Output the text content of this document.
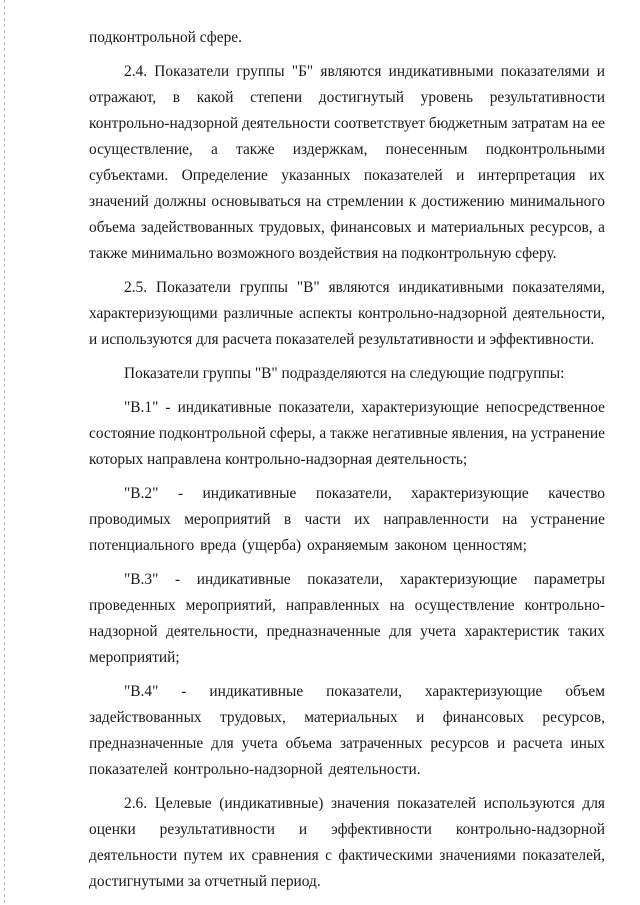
подконтрольной сфере.

2.4. Показатели группы "Б" являются индикативными показателями и отражают, в какой степени достигнутый уровень результативности контрольно-надзорной деятельности соответствует бюджетным затратам на ее осуществление, а также издержкам, понесенным подконтрольными субъектами. Определение указанных показателей и интерпретация их значений должны основываться на стремлении к достижению минимального объема задействованных трудовых, финансовых и материальных ресурсов, а также минимально возможного воздействия на подконтрольную сферу.

2.5. Показатели группы "В" являются индикативными показателями, характеризующими различные аспекты контрольно-надзорной деятельности, и используются для расчета показателей результативности и эффективности.

Показатели группы "В" подразделяются на следующие подгруппы:

"В.1" - индикативные показатели, характеризующие непосредственное состояние подконтрольной сферы, а также негативные явления, на устранение которых направлена контрольно-надзорная деятельность;

"В.2" - индикативные показатели, характеризующие качество проводимых мероприятий в части их направленности на устранение потенциального вреда (ущерба) охраняемым законом ценностям;

"В.3" - индикативные показатели, характеризующие параметры проведенных мероприятий, направленных на осуществление контрольно-надзорной деятельности, предназначенные для учета характеристик таких мероприятий;

"В.4" - индикативные показатели, характеризующие объем задействованных трудовых, материальных и финансовых ресурсов, предназначенные для учета объема затраченных ресурсов и расчета иных показателей контрольно-надзорной деятельности.

2.6. Целевые (индикативные) значения показателей используются для оценки результативности и эффективности контрольно-надзорной деятельности путем их сравнения с фактическими значениями показателей, достигнутыми за отчетный период.
